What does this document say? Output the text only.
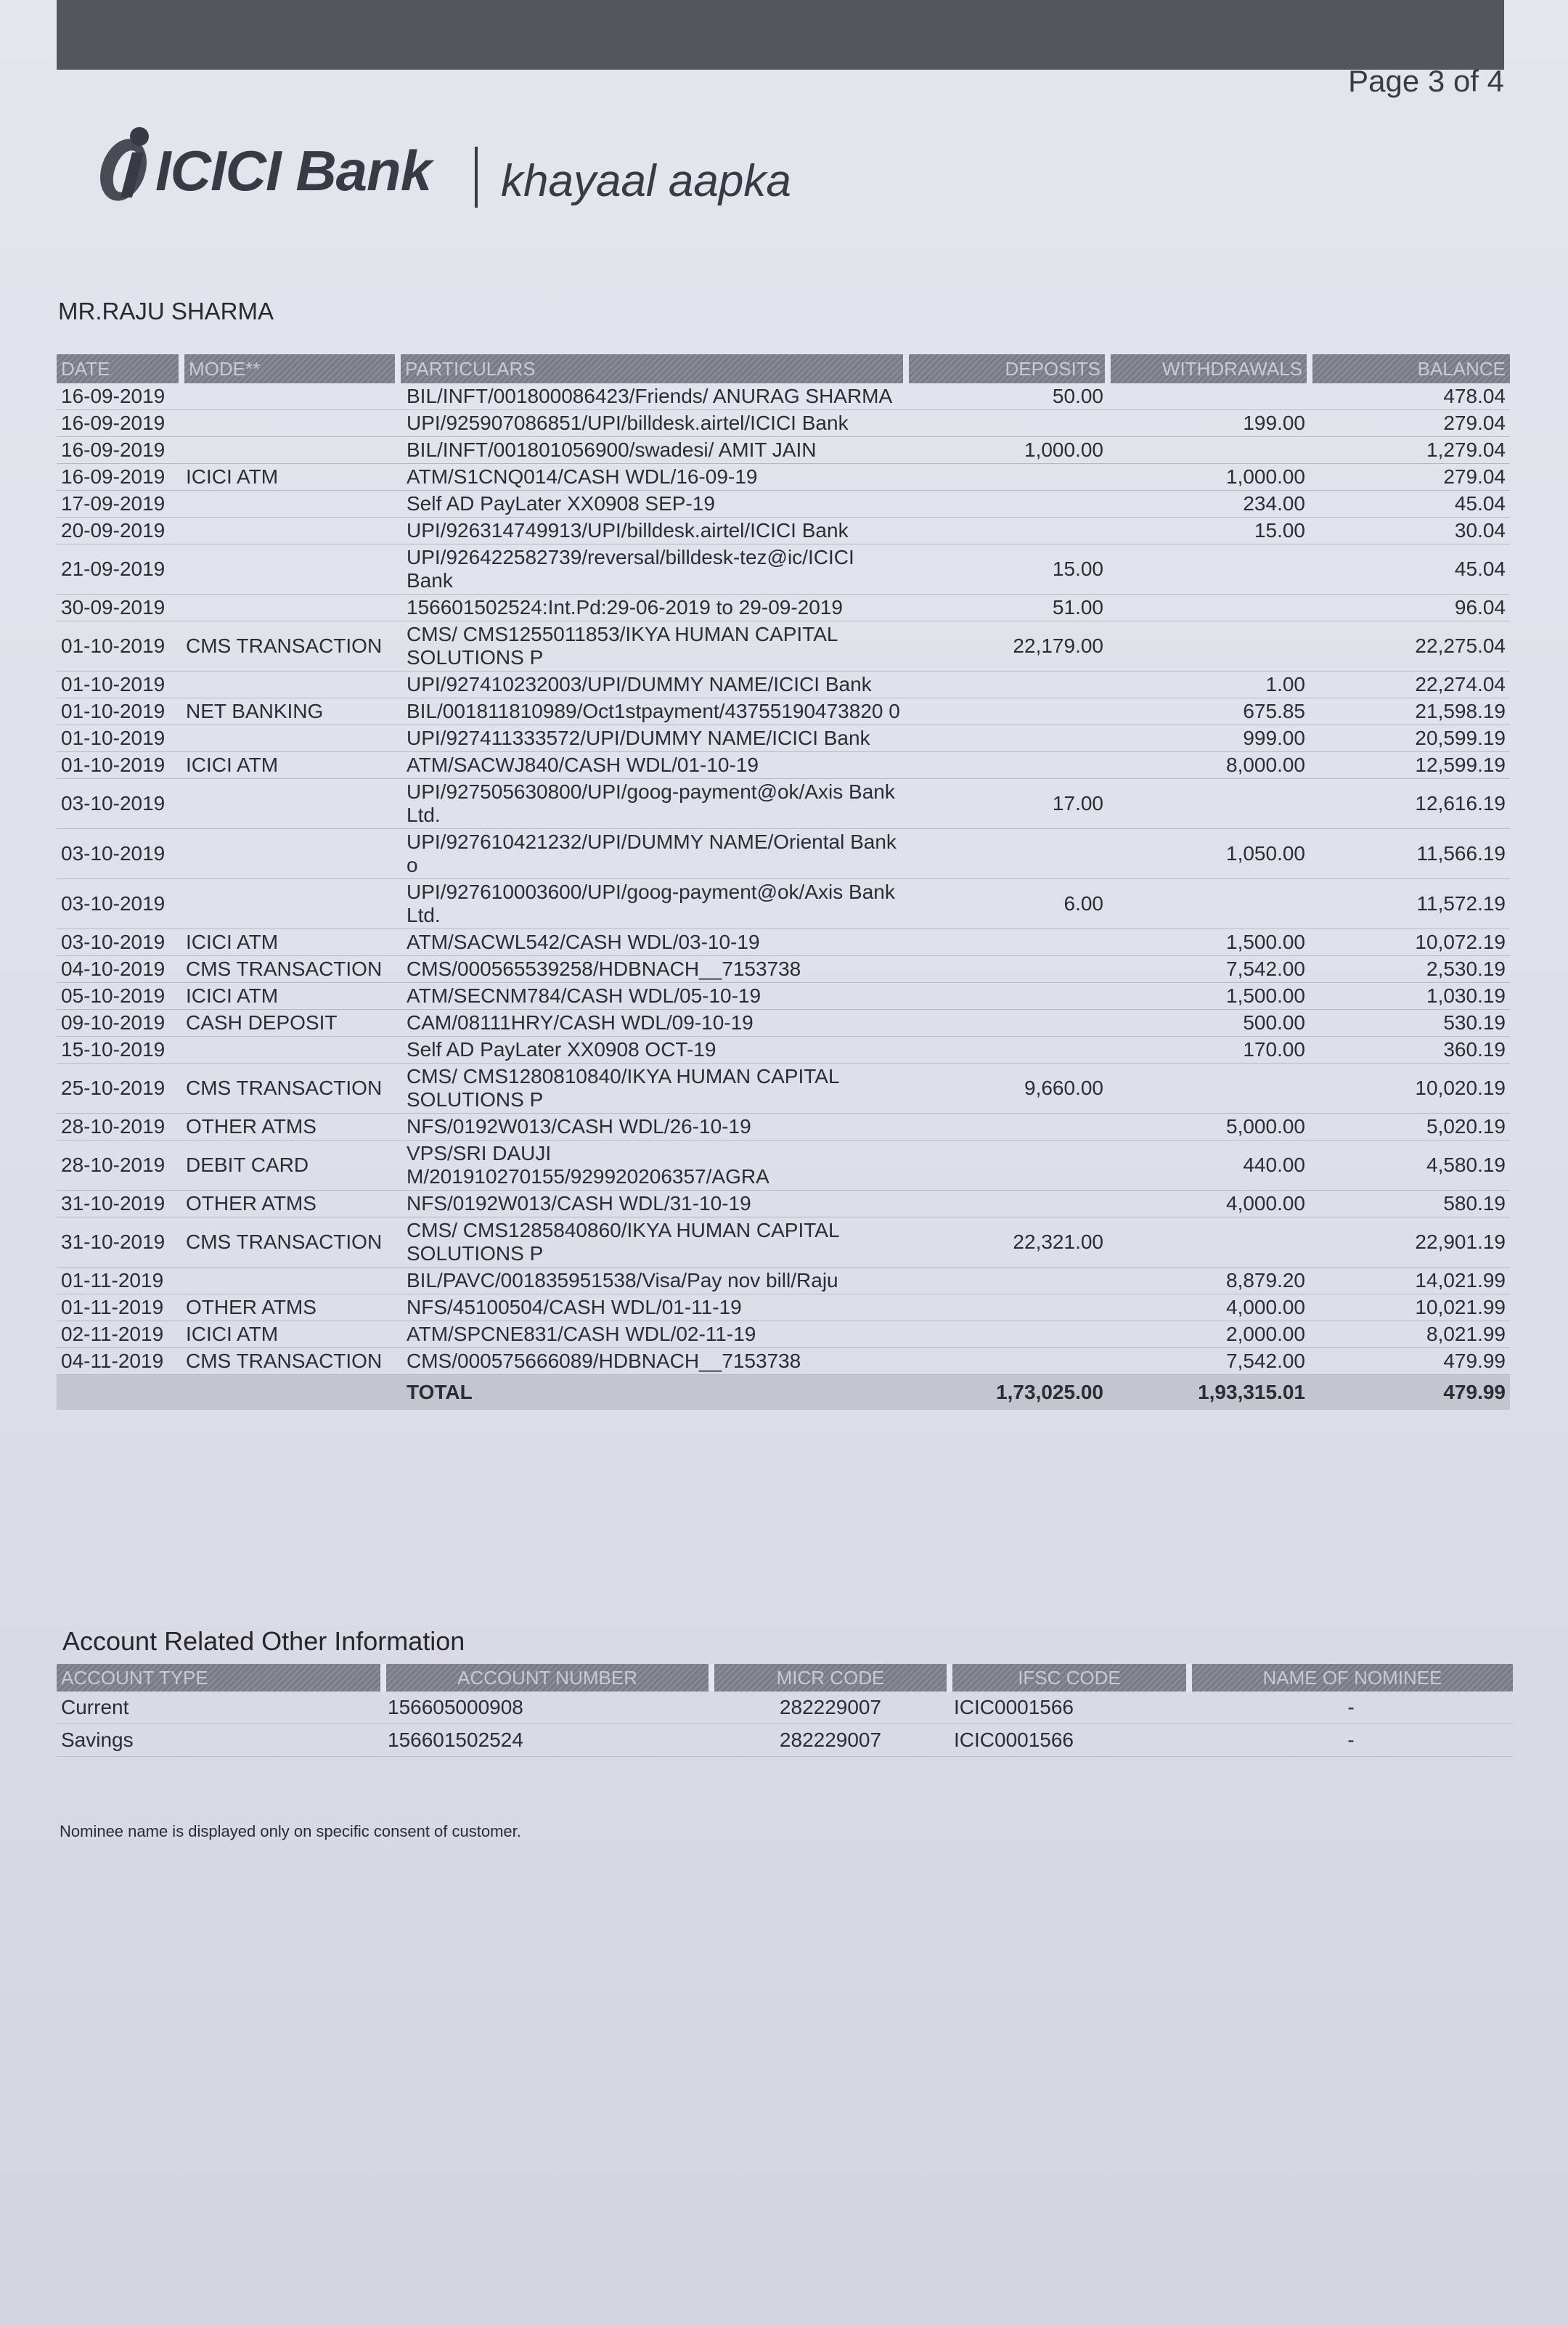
Page 3 of 4
ICICI Bank khayaal aapka
MR.RAJU SHARMA
DATE	MODE**	PARTICULARS	DEPOSITS	WITHDRAWALS	BALANCE
16-09-2019		BIL/INFT/001800086423/Friends/ ANURAG SHARMA	50.00		478.04
16-09-2019		UPI/925907086851/UPI/billdesk.airtel/ICICI Bank		199.00	279.04
16-09-2019		BIL/INFT/001801056900/swadesi/ AMIT JAIN	1,000.00		1,279.04
16-09-2019	ICICI ATM	ATM/S1CNQ014/CASH WDL/16-09-19		1,000.00	279.04
17-09-2019		Self AD PayLater XX0908 SEP-19		234.00	45.04
20-09-2019		UPI/926314749913/UPI/billdesk.airtel/ICICI Bank		15.00	30.04
21-09-2019		UPI/926422582739/reversal/billdesk-tez@ic/ICICI Bank	15.00		45.04
30-09-2019		156601502524:Int.Pd:29-06-2019 to 29-09-2019	51.00		96.04
01-10-2019	CMS TRANSACTION	CMS/ CMS1255011853/IKYA HUMAN CAPITAL SOLUTIONS P	22,179.00		22,275.04
01-10-2019		UPI/927410232003/UPI/DUMMY NAME/ICICI Bank		1.00	22,274.04
01-10-2019	NET BANKING	BIL/001811810989/Oct1stpayment/43755190473820 0		675.85	21,598.19
01-10-2019		UPI/927411333572/UPI/DUMMY NAME/ICICI Bank		999.00	20,599.19
01-10-2019	ICICI ATM	ATM/SACWJ840/CASH WDL/01-10-19		8,000.00	12,599.19
03-10-2019		UPI/927505630800/UPI/goog-payment@ok/Axis Bank Ltd.	17.00		12,616.19
03-10-2019		UPI/927610421232/UPI/DUMMY NAME/Oriental Bank o		1,050.00	11,566.19
03-10-2019		UPI/927610003600/UPI/goog-payment@ok/Axis Bank Ltd.	6.00		11,572.19
03-10-2019	ICICI ATM	ATM/SACWL542/CASH WDL/03-10-19		1,500.00	10,072.19
04-10-2019	CMS TRANSACTION	CMS/000565539258/HDBNACH__7153738		7,542.00	2,530.19
05-10-2019	ICICI ATM	ATM/SECNM784/CASH WDL/05-10-19		1,500.00	1,030.19
09-10-2019	CASH DEPOSIT	CAM/08111HRY/CASH WDL/09-10-19		500.00	530.19
15-10-2019		Self AD PayLater XX0908 OCT-19		170.00	360.19
25-10-2019	CMS TRANSACTION	CMS/ CMS1280810840/IKYA HUMAN CAPITAL SOLUTIONS P	9,660.00		10,020.19
28-10-2019	OTHER ATMS	NFS/0192W013/CASH WDL/26-10-19		5,000.00	5,020.19
28-10-2019	DEBIT CARD	VPS/SRI DAUJI M/201910270155/929920206357/AGRA		440.00	4,580.19
31-10-2019	OTHER ATMS	NFS/0192W013/CASH WDL/31-10-19		4,000.00	580.19
31-10-2019	CMS TRANSACTION	CMS/ CMS1285840860/IKYA HUMAN CAPITAL SOLUTIONS P	22,321.00		22,901.19
01-11-2019		BIL/PAVC/001835951538/Visa/Pay nov bill/Raju		8,879.20	14,021.99
01-11-2019	OTHER ATMS	NFS/45100504/CASH WDL/01-11-19		4,000.00	10,021.99
02-11-2019	ICICI ATM	ATM/SPCNE831/CASH WDL/02-11-19		2,000.00	8,021.99
04-11-2019	CMS TRANSACTION	CMS/000575666089/HDBNACH__7153738		7,542.00	479.99
		TOTAL	1,73,025.00	1,93,315.01	479.99
Account Related Other Information
ACCOUNT TYPE	ACCOUNT NUMBER	MICR CODE	IFSC CODE	NAME OF NOMINEE
Current	156605000908	282229007	ICIC0001566	-
Savings	156601502524	282229007	ICIC0001566	-
Nominee name is displayed only on specific consent of customer.
